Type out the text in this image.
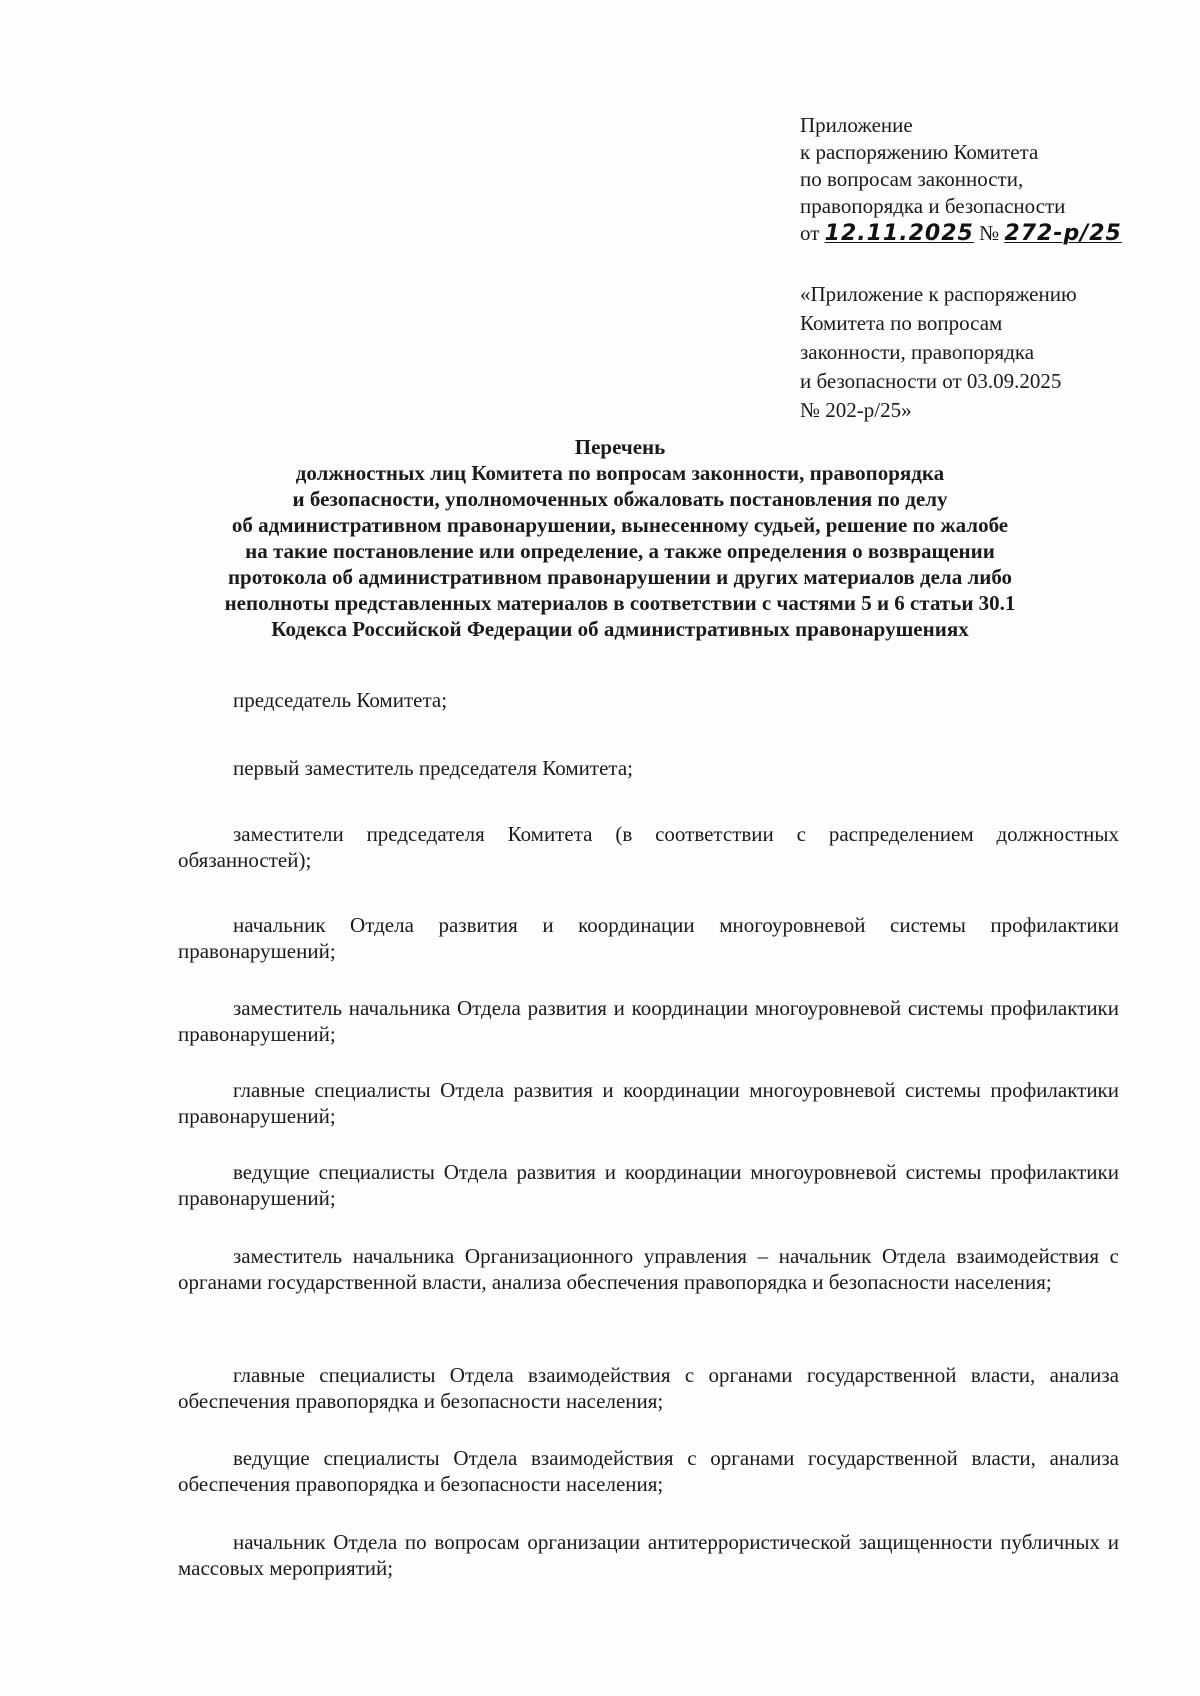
Приложение
к распоряжению Комитета
по вопросам законности,
правопорядка и безопасности
от 12.11.2025 № 272-р/25
«Приложение к распоряжению
Комитета по вопросам
законности, правопорядка
и безопасности от 03.09.2025
№ 202-р/25»
Перечень
должностных лиц Комитета по вопросам законности, правопорядка
и безопасности, уполномоченных обжаловать постановления по делу
об административном правонарушении, вынесенному судьей, решение по жалобе
на такие постановление или определение, а также определения о возвращении
протокола об административном правонарушении и других материалов дела либо
неполноты представленных материалов в соответствии с частями 5 и 6 статьи 30.1
Кодекса Российской Федерации об административных правонарушениях

председатель Комитета;

первый заместитель председателя Комитета;

заместители председателя Комитета (в соответствии с распределением должностных обязанностей);

начальник Отдела развития и координации многоуровневой системы профилактики правонарушений;

заместитель начальника Отдела развития и координации многоуровневой системы профилактики правонарушений;

главные специалисты Отдела развития и координации многоуровневой системы профилактики правонарушений;

ведущие специалисты Отдела развития и координации многоуровневой системы профилактики правонарушений;

заместитель начальника Организационного управления – начальник Отдела взаимодействия с органами государственной власти, анализа обеспечения правопорядка и безопасности населения;

главные специалисты Отдела взаимодействия с органами государственной власти, анализа обеспечения правопорядка и безопасности населения;

ведущие специалисты Отдела взаимодействия с органами государственной власти, анализа обеспечения правопорядка и безопасности населения;

начальник Отдела по вопросам организации антитеррористической защищенности публичных и массовых мероприятий;
